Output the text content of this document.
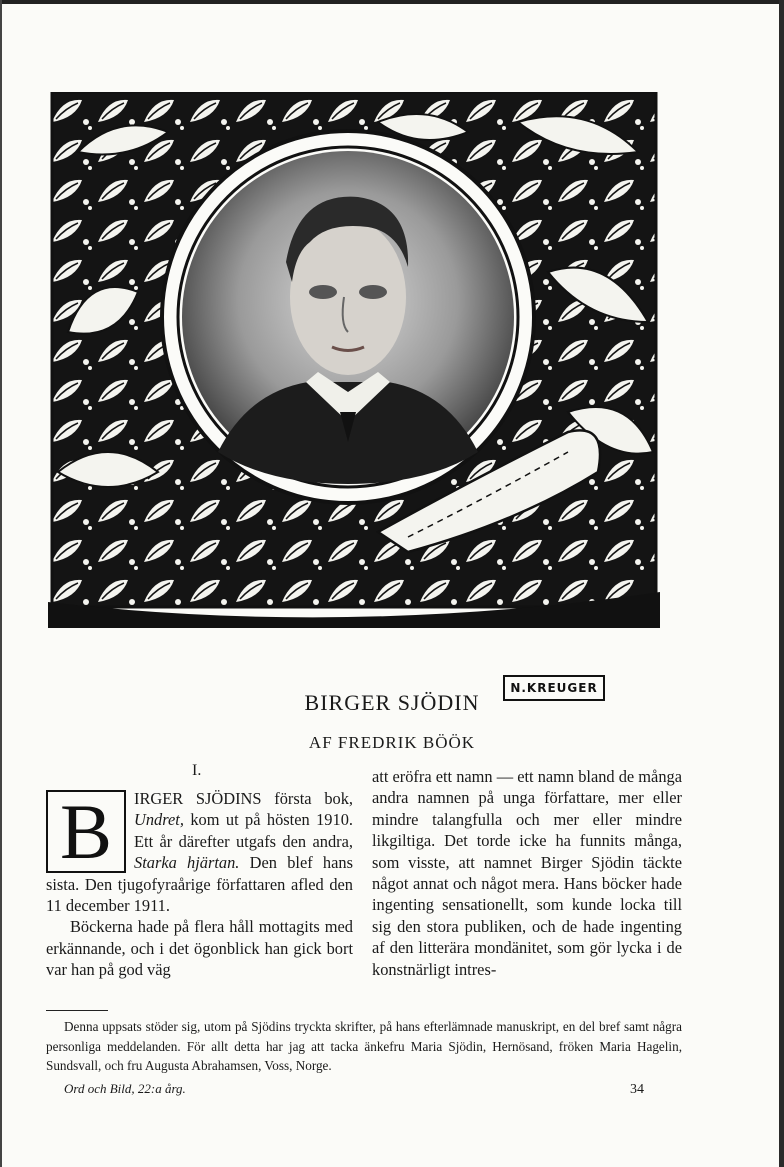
N.KREUGER
BIRGER SJÖDIN
AF FREDRIK BÖÖK
I.
B	IRGER SJÖDINS första bok, Undret, kom ut på hösten 1910. Ett år därefter utgafs den andra, Starka hjärtan. Den blef hans sista. Den tjugofyraårige författaren afled den 11 december 1911.

Böckerna hade på flera håll mottagits med erkännande, och i det ögonblick han gick bort var han på god väg

att eröfra ett namn — ett namn bland de många andra namnen på unga författare, mer eller mindre talangfulla och mer eller mindre likgiltiga. Det torde icke ha funnits många, som visste, att namnet Birger Sjödin täckte något annat och något mera. Hans böcker hade ingenting sensationellt, som kunde locka till sig den stora publiken, och de hade ingenting af den litterära mondänitet, som gör lycka i de konstnärligt intres-

Denna uppsats stöder sig, utom på Sjödins tryckta skrifter, på hans efterlämnade manuskript, en del bref samt några personliga meddelanden. För allt detta har jag att tacka änkefru Maria Sjödin, Hernösand, fröken Maria Hagelin, Sundsvall, och fru Augusta Abrahamsen, Voss, Norge.

Ord och Bild, 22:a årg.	34
